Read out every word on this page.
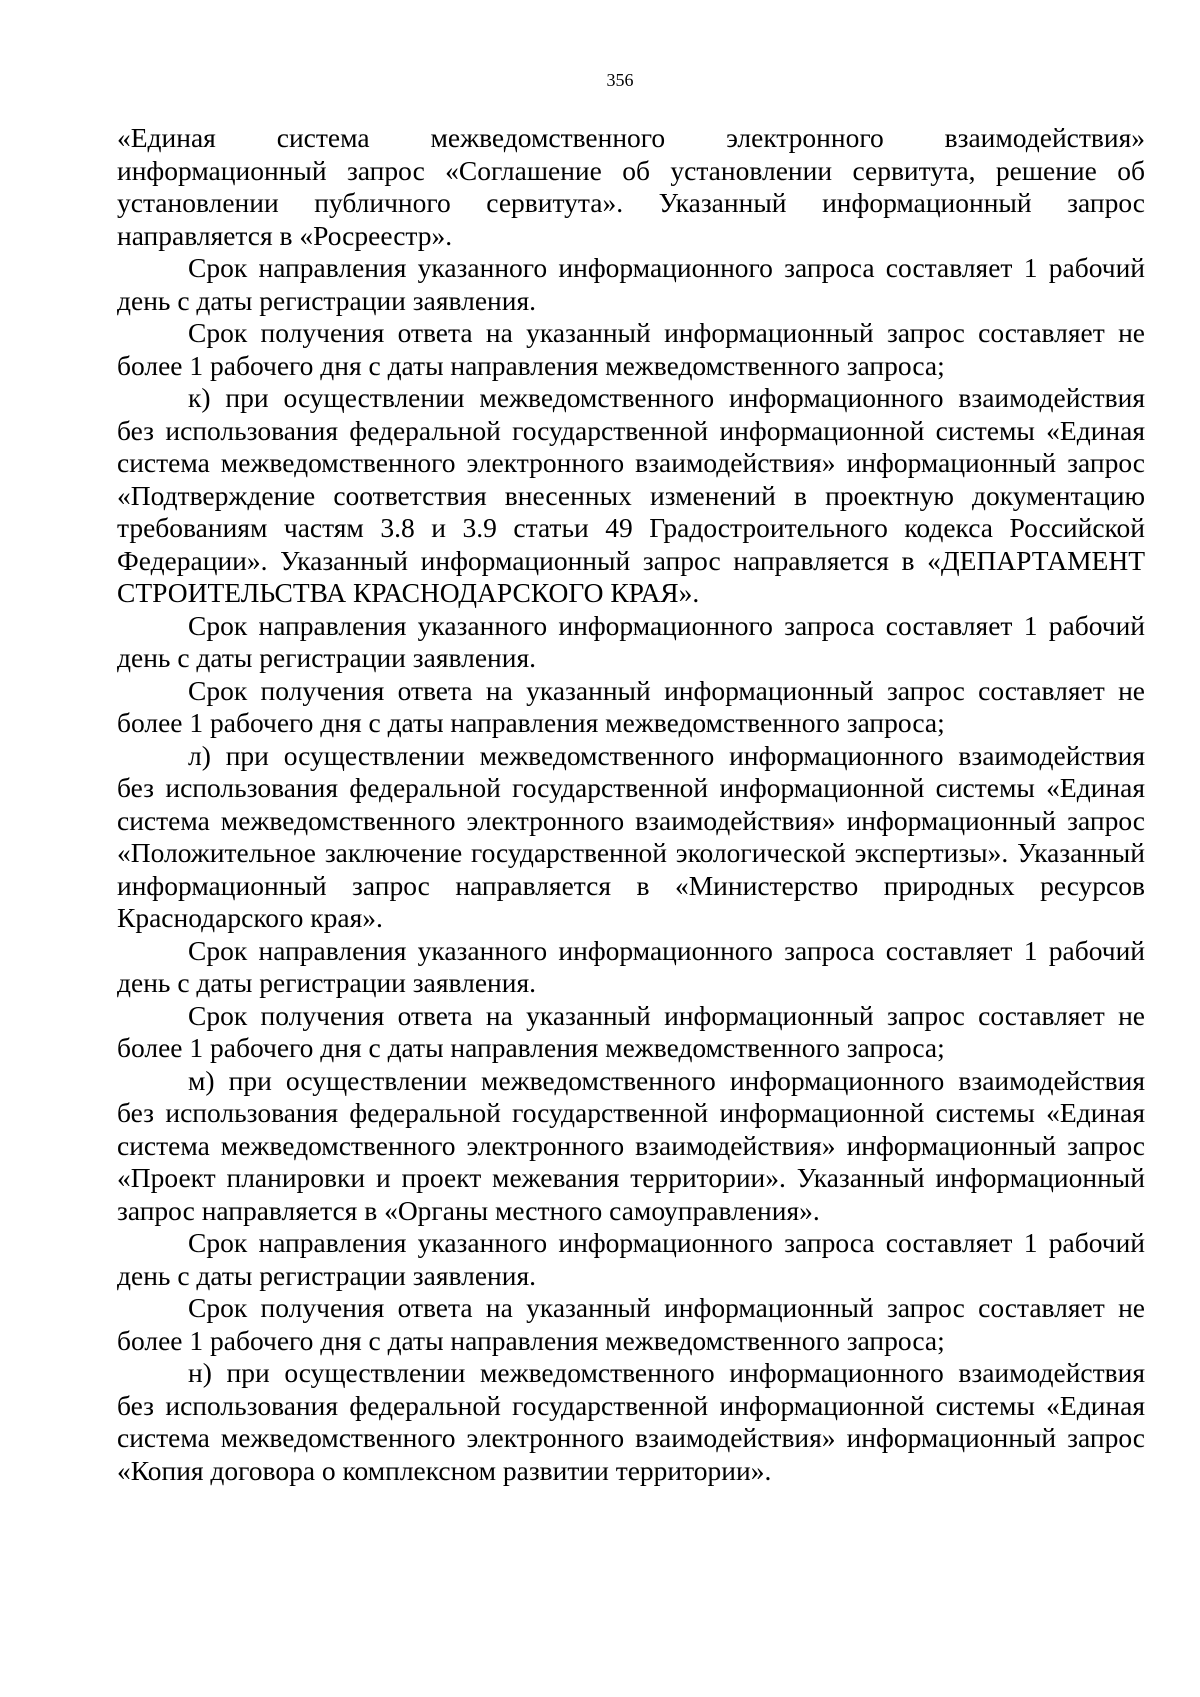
356

«Единая система межведомственного электронного взаимодействия» информационный запрос «Соглашение об установлении сервитута, решение об установлении публичного сервитута». Указанный информационный запрос направляется в «Росреестр».

Срок направления указанного информационного запроса составляет 1 рабочий день с даты регистрации заявления.

Срок получения ответа на указанный информационный запрос составляет не более 1 рабочего дня с даты направления межведомственного запроса;

к) при осуществлении межведомственного информационного взаимодействия без использования федеральной государственной информационной системы «Единая система межведомственного электронного взаимодействия» информационный запрос «Подтверждение соответствия внесенных изменений в проектную документацию требованиям частям 3.8 и 3.9 статьи 49 Градостроительного кодекса Российской Федерации». Указанный информационный запрос направляется в «ДЕПАРТАМЕНТ СТРОИТЕЛЬСТВА КРАСНОДАРСКОГО КРАЯ».

Срок направления указанного информационного запроса составляет 1 рабочий день с даты регистрации заявления.

Срок получения ответа на указанный информационный запрос составляет не более 1 рабочего дня с даты направления межведомственного запроса;

л) при осуществлении межведомственного информационного взаимодействия без использования федеральной государственной информационной системы «Единая система межведомственного электронного взаимодействия» информационный запрос «Положительное заключение государственной экологической экспертизы». Указанный информационный запрос направляется в «Министерство природных ресурсов Краснодарского края».

Срок направления указанного информационного запроса составляет 1 рабочий день с даты регистрации заявления.

Срок получения ответа на указанный информационный запрос составляет не более 1 рабочего дня с даты направления межведомственного запроса;

м) при осуществлении межведомственного информационного взаимодействия без использования федеральной государственной информационной системы «Единая система межведомственного электронного взаимодействия» информационный запрос «Проект планировки и проект межевания территории». Указанный информационный запрос направляется в «Органы местного самоуправления».

Срок направления указанного информационного запроса составляет 1 рабочий день с даты регистрации заявления.

Срок получения ответа на указанный информационный запрос составляет не более 1 рабочего дня с даты направления межведомственного запроса;

н) при осуществлении межведомственного информационного взаимодействия без использования федеральной государственной информационной системы «Единая система межведомственного электронного взаимодействия» информационный запрос «Копия договора о комплексном развитии территории».
